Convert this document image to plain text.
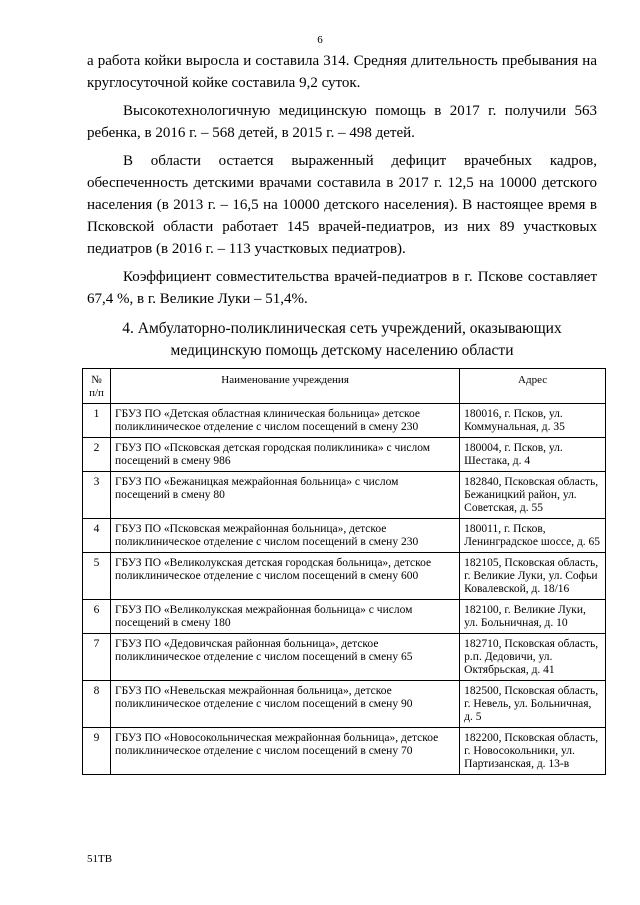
6

а работа койки выросла и составила 314. Средняя длительность пребывания на круглосуточной койке составила 9,2 суток.

Высокотехнологичную медицинскую помощь в 2017 г. получили 563 ребенка, в 2016 г. – 568 детей, в 2015 г. – 498 детей.

В области остается выраженный дефицит врачебных кадров, обеспеченность детскими врачами составила в 2017 г. 12,5 на 10000 детского населения (в 2013 г. – 16,5 на 10000 детского населения). В настоящее время в Псковской области работает 145 врачей-педиатров, из них 89 участковых педиатров (в 2016 г. – 113 участковых педиатров).

Коэффициент совместительства врачей-педиатров в г. Пскове составляет 67,4 %, в г. Великие Луки – 51,4%.

4. Амбулаторно-поликлиническая сеть учреждений, оказывающих
медицинскую помощь детскому населению области
№
п/п	Наименование учреждения	Адрес
1	ГБУЗ ПО «Детская областная клиническая больница» детское поликлиническое отделение с числом посещений в смену 230	180016, г. Псков, ул. Коммунальная, д. 35
2	ГБУЗ ПО «Псковская детская городская поликлиника» с числом посещений в смену 986	180004, г. Псков, ул. Шестака, д. 4
3	ГБУЗ ПО «Бежаницкая межрайонная больница» с числом посещений в смену 80	182840, Псковская область, Бежаницкий район, ул. Советская, д. 55
4	ГБУЗ ПО «Псковская межрайонная больница», детское поликлиническое отделение с числом посещений в смену 230	180011, г. Псков, Ленинградское шоссе, д. 65
5	ГБУЗ ПО «Великолукская детская городская больница», детское поликлиническое отделение с числом посещений в смену 600	182105, Псковская область, г. Великие Луки, ул. Софьи Ковалевской, д. 18/16
6	ГБУЗ ПО «Великолукская межрайонная больница» с числом посещений в смену 180	182100, г. Великие Луки, ул. Больничная, д. 10
7	ГБУЗ ПО «Дедовичская районная больница», детское поликлиническое отделение с числом посещений в смену 65	182710, Псковская область, р.п. Дедовичи, ул. Октябрьская, д. 41
8	ГБУЗ ПО «Невельская межрайонная больница», детское поликлиническое отделение с числом посещений в смену 90	182500, Псковская область, г. Невель, ул. Больничная, д. 5
9	ГБУЗ ПО «Новосокольническая межрайонная больница», детское поликлиническое отделение с числом посещений в смену 70	182200, Псковская область, г. Новосокольники, ул. Партизанская, д. 13-в
51ТВ
